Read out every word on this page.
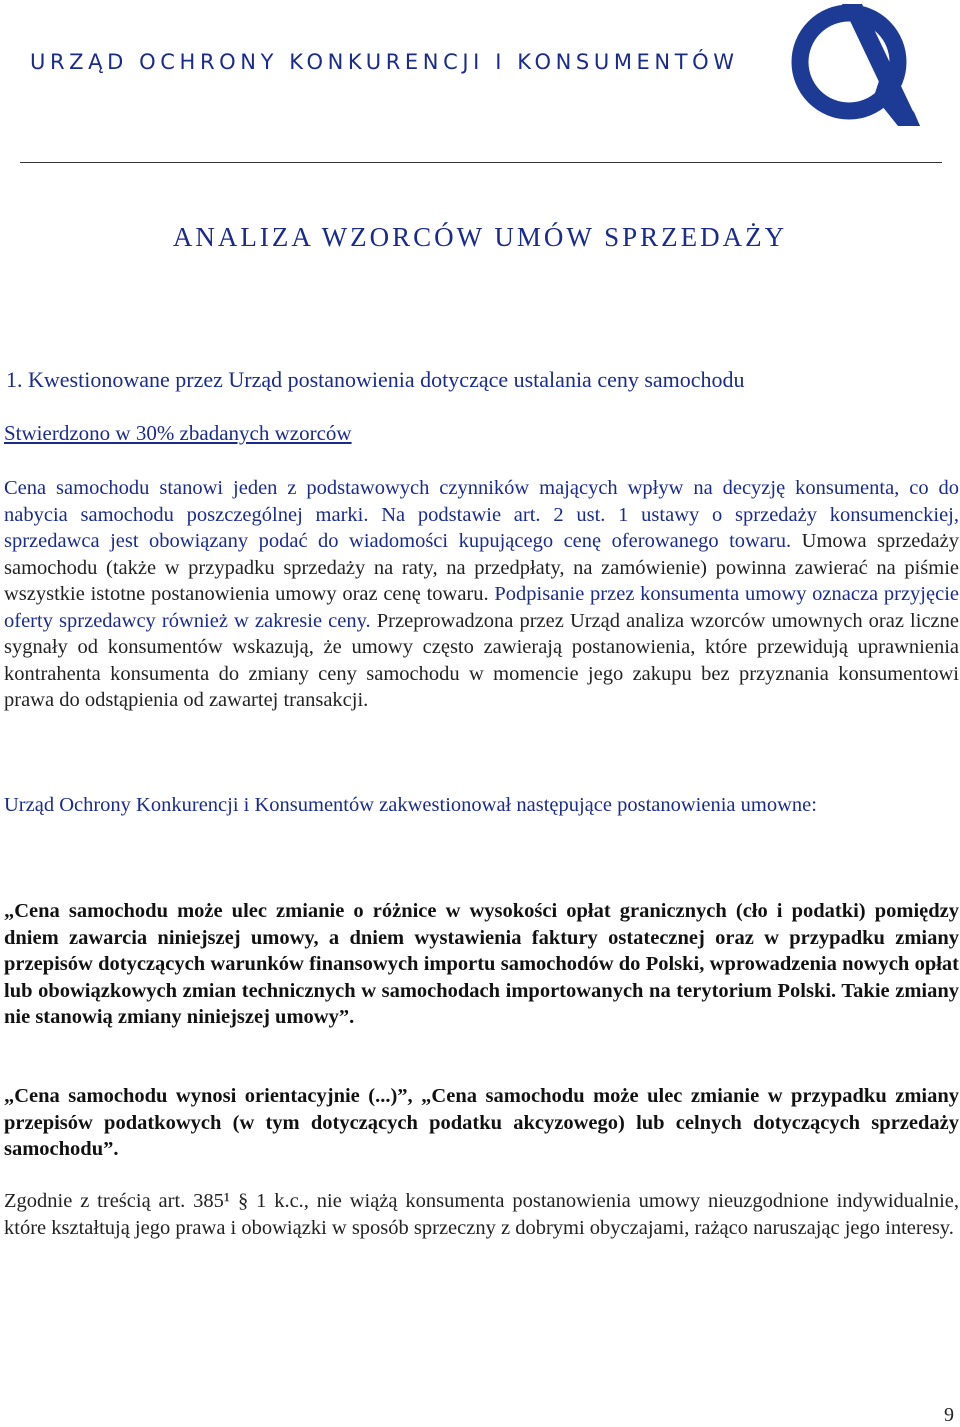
URZĄD OCHRONY KONKURENCJI I KONSUMENTÓW
ANALIZA WZORCÓW UMÓW SPRZEDAŻY
1. Kwestionowane przez Urząd postanowienia dotyczące ustalania ceny samochodu
Stwierdzono w 30% zbadanych wzorców
Cena samochodu stanowi jeden z podstawowych czynników mających wpływ na decyzję konsumenta, co do nabycia samochodu poszczególnej marki. Na podstawie art. 2 ust. 1 ustawy o sprzedaży konsumenckiej, sprzedawca jest obowiązany podać do wiadomości kupującego cenę oferowanego towaru. Umowa sprzedaży samochodu (także w przypadku sprzedaży na raty, na przedpłaty, na zamówienie) powinna zawierać na piśmie wszystkie istotne postanowienia umowy oraz cenę towaru. Podpisanie przez konsumenta umowy oznacza przyjęcie oferty sprzedawcy również w zakresie ceny. Przeprowadzona przez Urząd analiza wzorców umownych oraz liczne sygnały od konsumentów wskazują, że umowy często zawierają postanowienia, które przewidują uprawnienia kontrahenta konsumenta do zmiany ceny samochodu w momencie jego zakupu bez przyznania konsumentowi prawa do odstąpienia od zawartej transakcji.
Urząd Ochrony Konkurencji i Konsumentów zakwestionował następujące postanowienia umowne:
„Cena samochodu może ulec zmianie o różnice w wysokości opłat granicznych (cło i podatki) pomiędzy dniem zawarcia niniejszej umowy, a dniem wystawienia faktury ostatecznej oraz w przypadku zmiany przepisów dotyczących warunków finansowych importu samochodów do Polski, wprowadzenia nowych opłat lub obowiązkowych zmian technicznych w samochodach importowanych na terytorium Polski. Takie zmiany nie stanowią zmiany niniejszej umowy”.
„Cena samochodu wynosi orientacyjnie (...)”, „Cena samochodu może ulec zmianie w przypadku zmiany przepisów podatkowych (w tym dotyczących podatku akcyzowego) lub celnych dotyczących sprzedaży samochodu”.
Zgodnie z treścią art. 385¹ § 1 k.c., nie wiążą konsumenta postanowienia umowy nieuzgodnione indywidualnie, które kształtują jego prawa i obowiązki w sposób sprzeczny z dobrymi obyczajami, rażąco naruszając jego interesy.
9
